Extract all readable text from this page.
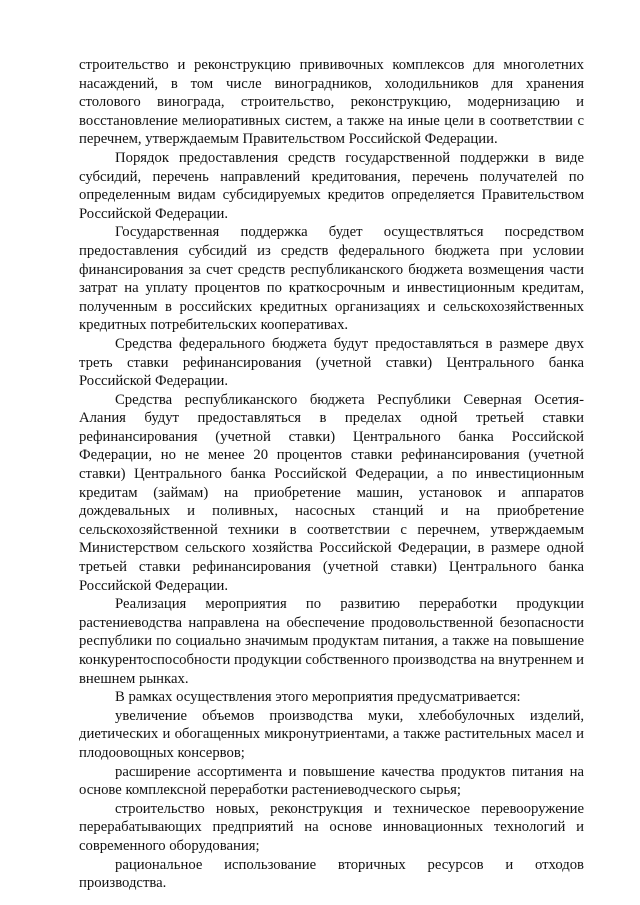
строительство и реконструкцию прививочных комплексов для многолетних насаждений, в том числе виноградников, холодильников для хранения столового винограда, строительство, реконструкцию, модернизацию и восстановление мелиоративных систем, а также на иные цели в соответствии с перечнем, утверждаемым Правительством Российской Федерации.

Порядок предоставления средств государственной поддержки в виде субсидий, перечень направлений кредитования, перечень получателей по определенным видам субсидируемых кредитов определяется Правительством Российской Федерации.

Государственная поддержка будет осуществляться посредством предоставления субсидий из средств федерального бюджета при условии финансирования за счет средств республиканского бюджета возмещения части затрат на уплату процентов по краткосрочным и инвестиционным кредитам, полученным в российских кредитных организациях и сельскохозяйственных кредитных потребительских кооперативах.

Средства федерального бюджета будут предоставляться в размере двух треть ставки рефинансирования (учетной ставки) Центрального банка Российской Федерации.

Средства республиканского бюджета Республики Северная Осетия-Алания будут предоставляться в пределах одной третьей ставки рефинансирования (учетной ставки) Центрального банка Российской Федерации, но не менее 20 процентов ставки рефинансирования (учетной ставки) Центрального банка Российской Федерации, а по инвестиционным кредитам (займам) на приобретение машин, установок и аппаратов дождевальных и поливных, насосных станций и на приобретение сельскохозяйственной техники в соответствии с перечнем, утверждаемым Министерством сельского хозяйства Российской Федерации, в размере одной третьей ставки рефинансирования (учетной ставки) Центрального банка Российской Федерации.

Реализация мероприятия по развитию переработки продукции растениеводства направлена на обеспечение продовольственной безопасности республики по социально значимым продуктам питания, а также на повышение конкурентоспособности продукции собственного производства на внутреннем и внешнем рынках.

В рамках осуществления этого мероприятия предусматривается:

увеличение объемов производства муки, хлебобулочных изделий, диетических и обогащенных микронутриентами, а также растительных масел и плодоовощных консервов;

расширение ассортимента и повышение качества продуктов питания на основе комплексной переработки растениеводческого сырья;

строительство новых, реконструкция и техническое перевооружение перерабатывающих предприятий на основе инновационных технологий и современного оборудования;

рациональное использование вторичных ресурсов и отходов производства.
